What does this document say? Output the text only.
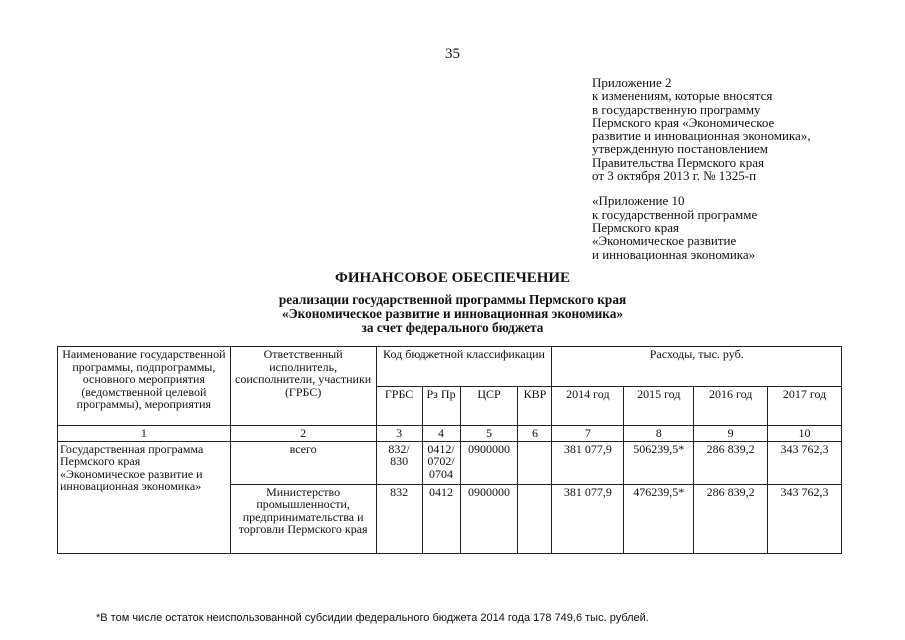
35
Приложение 2
к изменениям, которые вносятся
в государственную программу
Пермского края «Экономическое
развитие и инновационная экономика»,
утвержденную постановлением
Правительства Пермского края
от 3 октября 2013 г. № 1325-п
«Приложение 10
к государственной программе
Пермского края
«Экономическое развитие
и инновационная экономика»
ФИНАНСОВОЕ ОБЕСПЕЧЕНИЕ
реализации государственной программы Пермского края
«Экономическое развитие и инновационная экономика»
за счет федерального бюджета
Наименование государственной программы, подпрограммы, основного мероприятия (ведомственной целевой программы), мероприятия	Ответственный исполнитель, соисполнители, участники (ГРБС)	Код бюджетной классификации				Расходы, тыс. руб.			
		ГРБС	Рз Пр	ЦСР	КВР	2014 год	2015 год	2016 год	2017 год
1	2	3	4	5	6	7	8	9	10
Государственная программа Пермского края «Экономическое развитие и инновационная экономика»	всего	832/ 830	0412/ 0702/ 0704	0900000		381 077,9	506239,5*	286 839,2	343 762,3
	Министерство промышленности, предпринимательства и торговли Пермского края	832	0412	0900000		381 077,9	476239,5*	286 839,2	343 762,3
*В том числе остаток неиспользованной субсидии федерального бюджета 2014 года 178 749,6 тыс. рублей.
